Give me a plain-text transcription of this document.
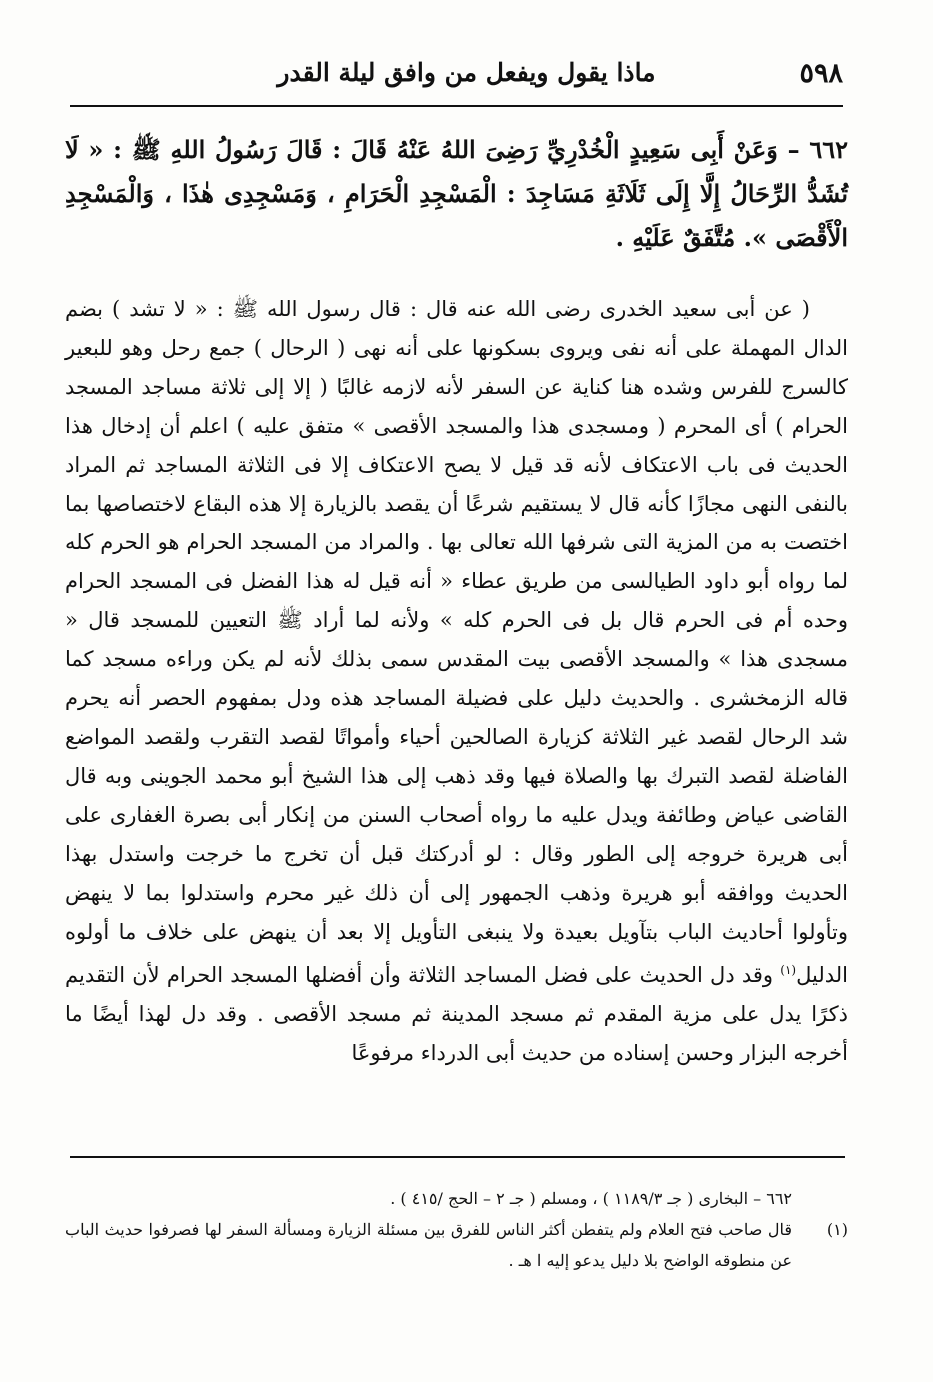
٥٩٨
ماذا يقول ويفعل من وافق ليلة القدر
٦٦٢ – وَعَنْ أَبِى سَعِيدٍ الْخُدْرِيِّ رَضِىَ اللهُ عَنْهُ قَالَ : قَالَ رَسُولُ اللهِ ﷺ : « لَا تُشَدُّ الرِّحَالُ إِلَّا إِلَى ثَلَاثَةِ مَسَاجِدَ : الْمَسْجِدِ الْحَرَامِ ، وَمَسْجِدِى هٰذَا ، وَالْمَسْجِدِ الْأَقْصَى ». مُتَّفَقٌ عَلَيْهِ .

( عن أبى سعيد الخدرى رضى الله عنه قال : قال رسول الله ﷺ : « لا تشد ) بضم الدال المهملة على أنه نفى ويروى بسكونها على أنه نهى ( الرحال ) جمع رحل وهو للبعير كالسرج للفرس وشده هنا كناية عن السفر لأنه لازمه غالبًا ( إلا إلى ثلاثة مساجد المسجد الحرام ) أى المحرم ( ومسجدى هذا والمسجد الأقصى » متفق عليه ) اعلم أن إدخال هذا الحديث فى باب الاعتكاف لأنه قد قيل لا يصح الاعتكاف إلا فى الثلاثة المساجد ثم المراد بالنفى النهى مجازًا كأنه قال لا يستقيم شرعًا أن يقصد بالزيارة إلا هذه البقاع لاختصاصها بما اختصت به من المزية التى شرفها الله تعالى بها . والمراد من المسجد الحرام هو الحرم كله لما رواه أبو داود الطيالسى من طريق عطاء « أنه قيل له هذا الفضل فى المسجد الحرام وحده أم فى الحرم قال بل فى الحرم كله » ولأنه لما أراد ﷺ التعيين للمسجد قال « مسجدى هذا » والمسجد الأقصى بيت المقدس سمى بذلك لأنه لم يكن وراءه مسجد كما قاله الزمخشرى . والحديث دليل على فضيلة المساجد هذه ودل بمفهوم الحصر أنه يحرم شد الرحال لقصد غير الثلاثة كزيارة الصالحين أحياء وأمواتًا لقصد التقرب ولقصد المواضع الفاضلة لقصد التبرك بها والصلاة فيها وقد ذهب إلى هذا الشيخ أبو محمد الجوينى وبه قال القاضى عياض وطائفة ويدل عليه ما رواه أصحاب السنن من إنكار أبى بصرة الغفارى على أبى هريرة خروجه إلى الطور وقال : لو أدركتك قبل أن تخرج ما خرجت واستدل بهذا الحديث ووافقه أبو هريرة وذهب الجمهور إلى أن ذلك غير محرم واستدلوا بما لا ينهض وتأولوا أحاديث الباب بتآويل بعيدة ولا ينبغى التأويل إلا بعد أن ينهض على خلاف ما أولوه الدليل$^{(١)}$ وقد دل الحديث على فضل المساجد الثلاثة وأن أفضلها المسجد الحرام لأن التقديم ذكرًا يدل على مزية المقدم ثم مسجد المدينة ثم مسجد الأقصى . وقد دل لهذا أيضًا ما أخرجه البزار وحسن إسناده من حديث أبى الدرداء مرفوعًا

٦٦٢ – البخارى ( جـ ١١٨٩/٣ ) ، ومسلم ( جـ ٢ – الحج /٤١٥ ) .
(١)
قال صاحب فتح العلام ولم يتفطن أكثر الناس للفرق بين مسئلة الزيارة ومسألة السفر لها فصرفوا حديث الباب عن منطوقه الواضح بلا دليل يدعو إليه ا هـ .
